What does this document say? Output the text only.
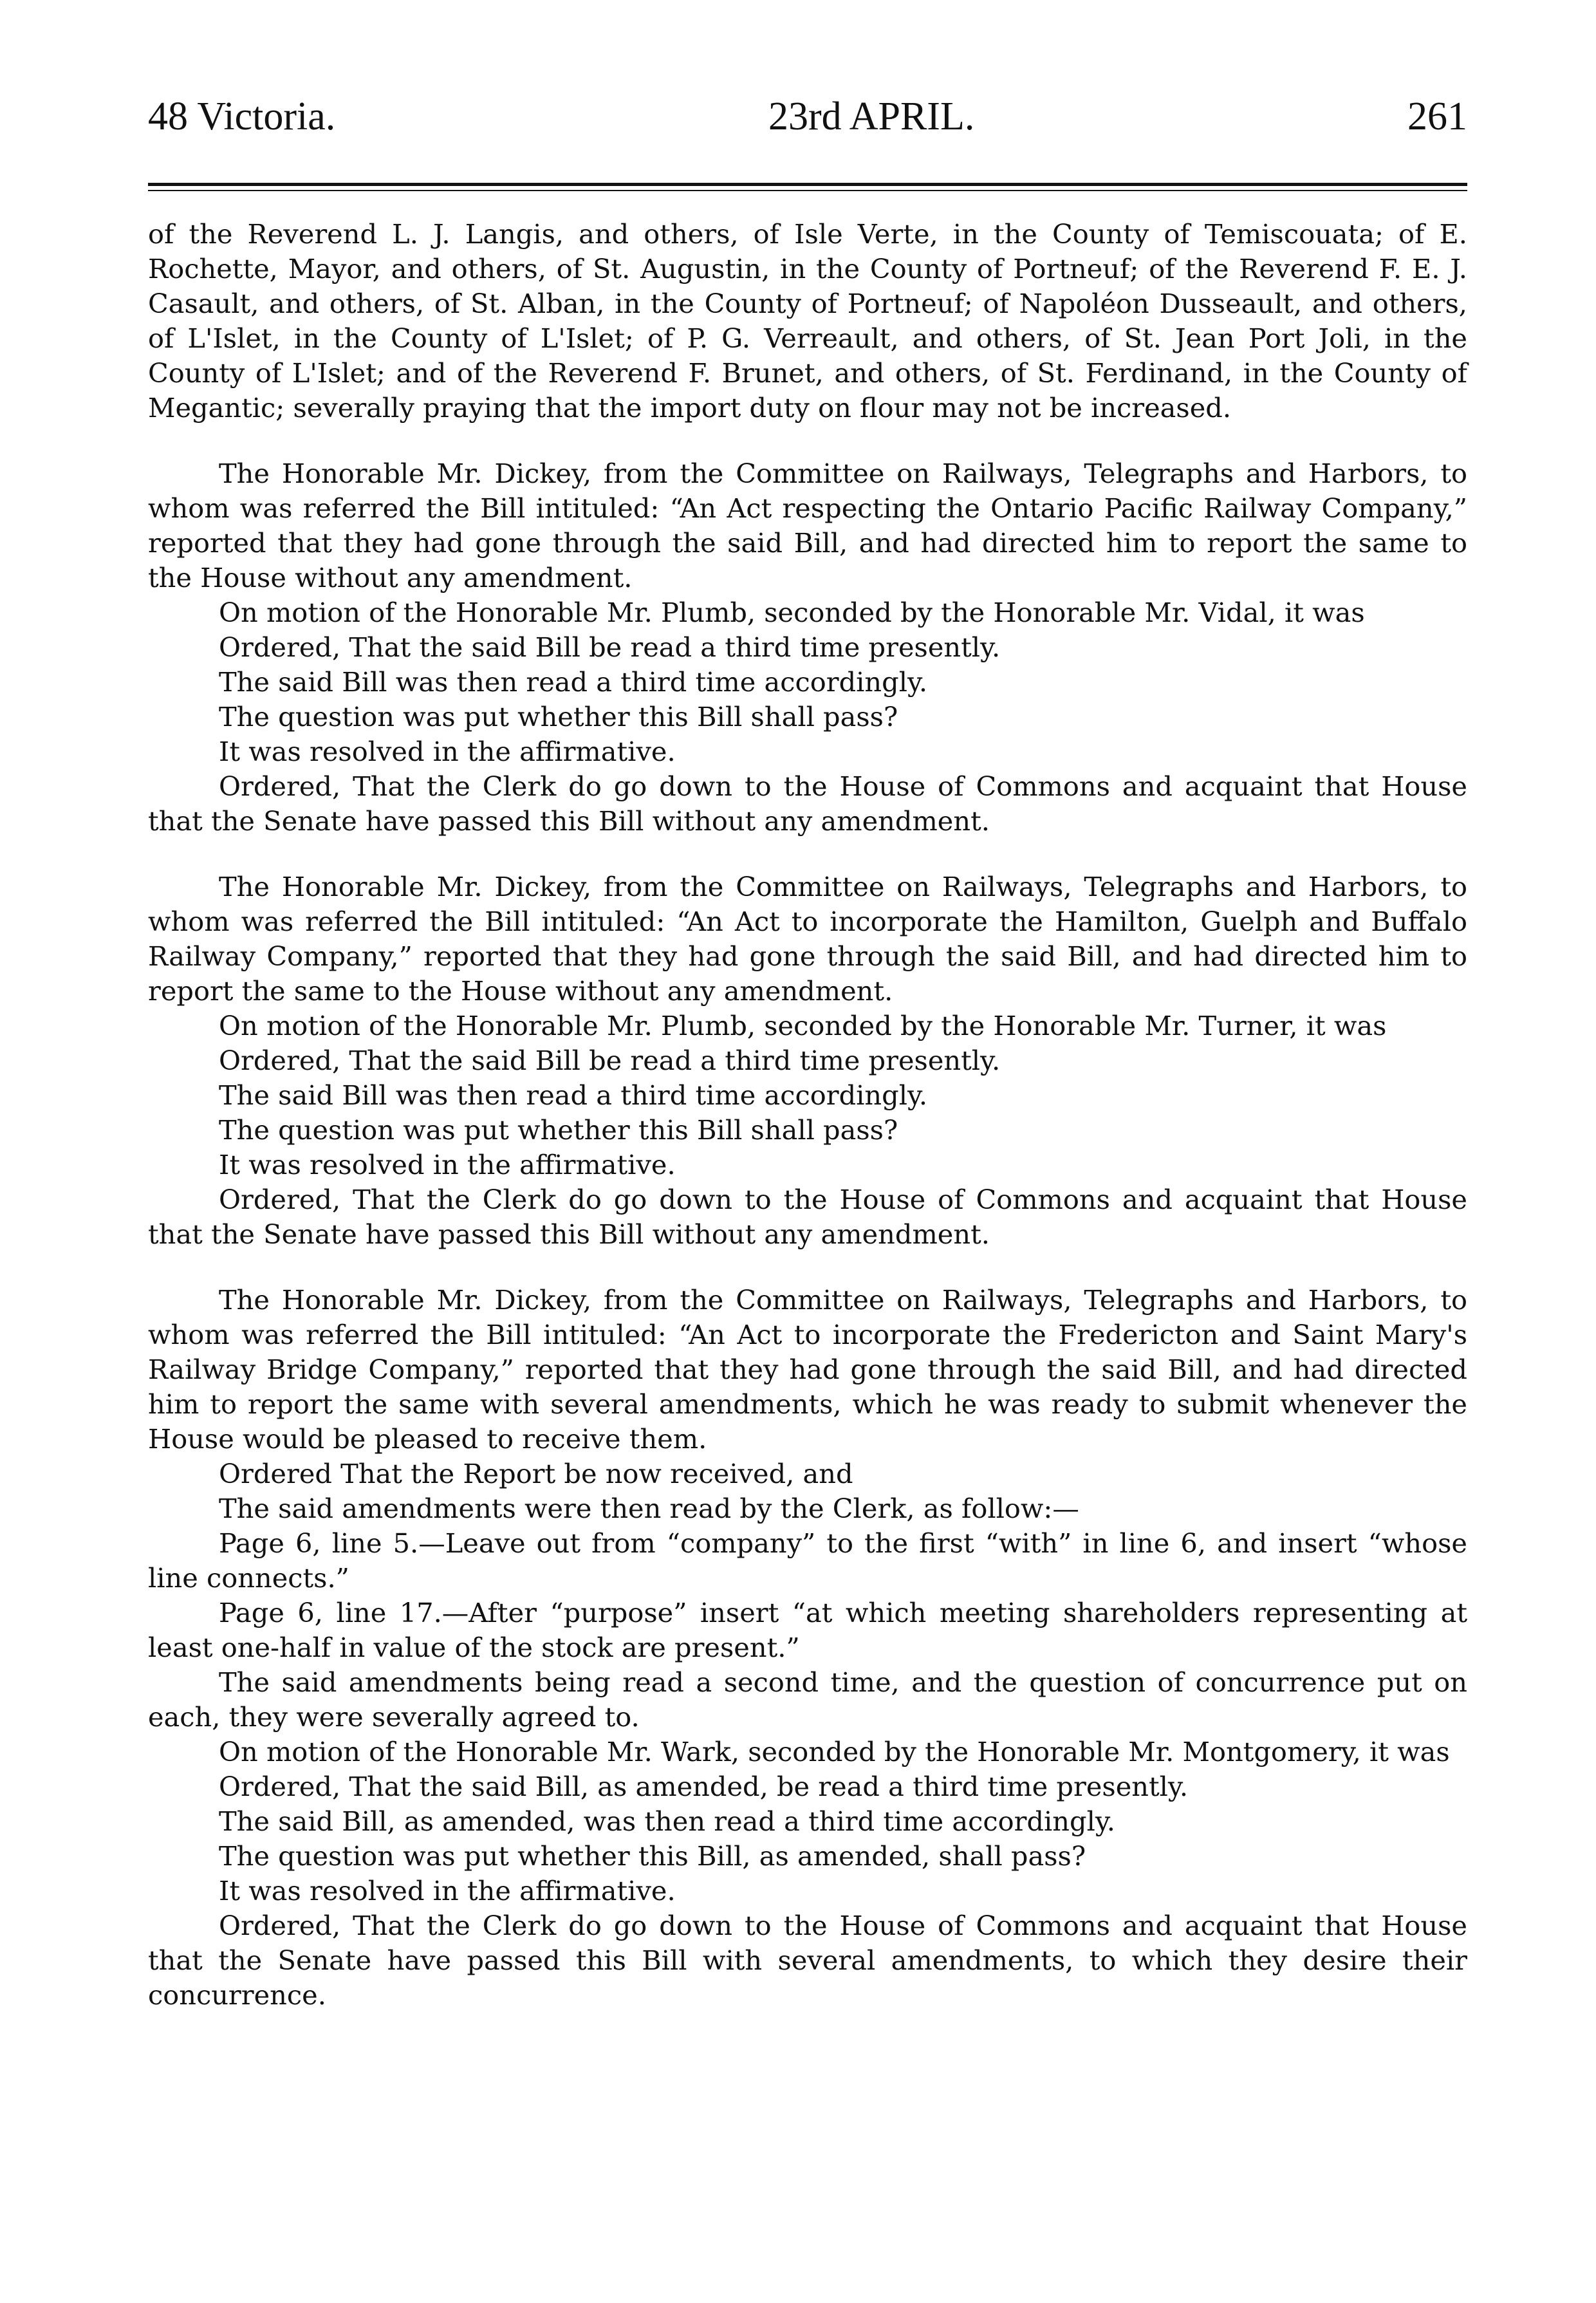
48 Victoria.	23rd APRIL.	261

of the Reverend L. J. Langis, and others, of Isle Verte, in the County of Temiscouata; of E. Rochette, Mayor, and others, of St. Augustin, in the County of Portneuf; of the Reverend F. E. J. Casault, and others, of St. Alban, in the County of Portneuf; of Napoléon Dusseault, and others, of L'Islet, in the County of L'Islet; of P. G. Verreault, and others, of St. Jean Port Joli, in the County of L'Islet; and of the Reverend F. Brunet, and others, of St. Ferdinand, in the County of Megantic; severally praying that the import duty on flour may not be increased.

The Honorable Mr. Dickey, from the Committee on Railways, Telegraphs and Harbors, to whom was referred the Bill intituled: “An Act respecting the Ontario Pacific Railway Company,” reported that they had gone through the said Bill, and had directed him to report the same to the House without any amendment.

On motion of the Honorable Mr. Plumb, seconded by the Honorable Mr. Vidal, it was

Ordered, That the said Bill be read a third time presently.

The said Bill was then read a third time accordingly.

The question was put whether this Bill shall pass?

It was resolved in the affirmative.

Ordered, That the Clerk do go down to the House of Commons and acquaint that House that the Senate have passed this Bill without any amendment.

The Honorable Mr. Dickey, from the Committee on Railways, Telegraphs and Harbors, to whom was referred the Bill intituled: “An Act to incorporate the Hamilton, Guelph and Buffalo Railway Company,” reported that they had gone through the said Bill, and had directed him to report the same to the House without any amendment.

On motion of the Honorable Mr. Plumb, seconded by the Honorable Mr. Turner, it was

Ordered, That the said Bill be read a third time presently.

The said Bill was then read a third time accordingly.

The question was put whether this Bill shall pass?

It was resolved in the affirmative.

Ordered, That the Clerk do go down to the House of Commons and acquaint that House that the Senate have passed this Bill without any amendment.

The Honorable Mr. Dickey, from the Committee on Railways, Telegraphs and Harbors, to whom was referred the Bill intituled: “An Act to incorporate the Fredericton and Saint Mary's Railway Bridge Company,” reported that they had gone through the said Bill, and had directed him to report the same with several amendments, which he was ready to submit whenever the House would be pleased to receive them.

Ordered That the Report be now received, and

The said amendments were then read by the Clerk, as follow:—

Page 6, line 5.—Leave out from “company” to the first “with” in line 6, and insert “whose line connects.”

Page 6, line 17.—After “purpose” insert “at which meeting shareholders representing at least one-half in value of the stock are present.”

The said amendments being read a second time, and the question of concurrence put on each, they were severally agreed to.

On motion of the Honorable Mr. Wark, seconded by the Honorable Mr. Montgomery, it was

Ordered, That the said Bill, as amended, be read a third time presently.

The said Bill, as amended, was then read a third time accordingly.

The question was put whether this Bill, as amended, shall pass?

It was resolved in the affirmative.

Ordered, That the Clerk do go down to the House of Commons and acquaint that House that the Senate have passed this Bill with several amendments, to which they desire their concurrence.
